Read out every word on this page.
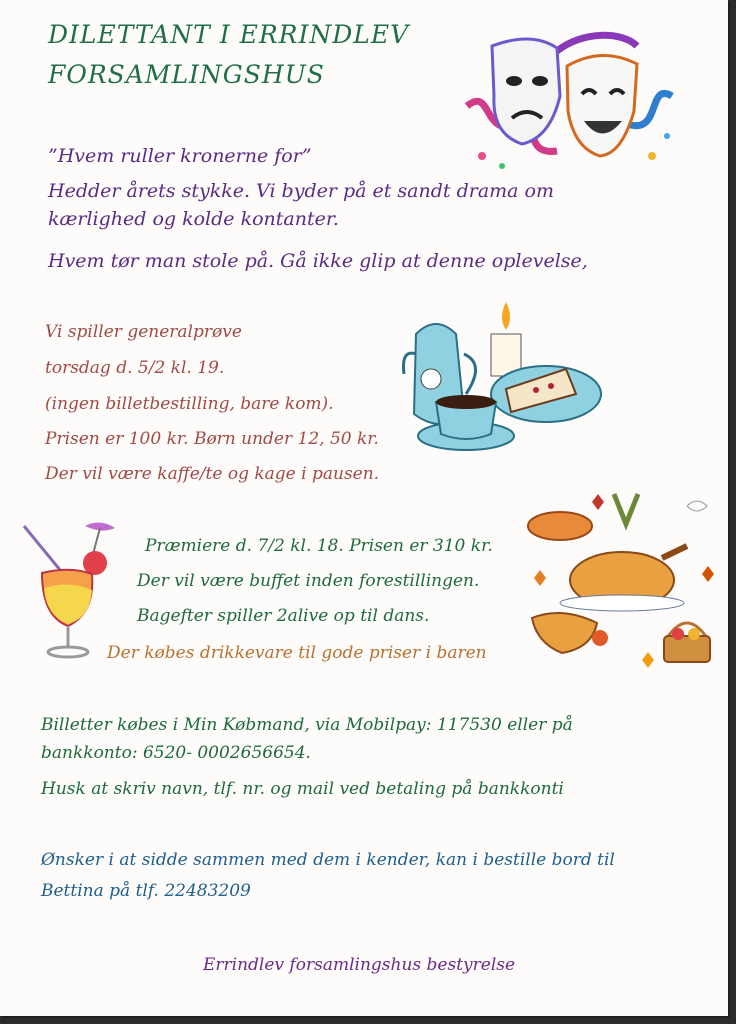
DILETTANT I ERRINDLEV
FORSAMLINGSHUS
”Hvem ruller kronerne for”
Hedder årets stykke. Vi byder på et sandt drama om
kærlighed og kolde kontanter.
Hvem tør man stole på. Gå ikke glip at denne oplevelse,
Vi spiller generalprøve
torsdag d. 5/2 kl. 19.
(ingen billetbestilling, bare kom).
Prisen er 100 kr. Børn under 12, 50 kr.
Der vil være kaffe/te og kage i pausen.
Præmiere d. 7/2 kl. 18. Prisen er 310 kr.
Der vil være buffet inden forestillingen.
Bagefter spiller 2alive op til dans.
Der købes drikkevare til gode priser i baren
Billetter købes i Min Købmand, via Mobilpay: 117530 eller på
bankkonto: 6520- 0002656654.
Husk at skriv navn, tlf. nr. og mail ved betaling på bankkonti
Ønsker i at sidde sammen med dem i kender, kan i bestille bord til
Bettina på tlf. 22483209
Errindlev forsamlingshus bestyrelse
